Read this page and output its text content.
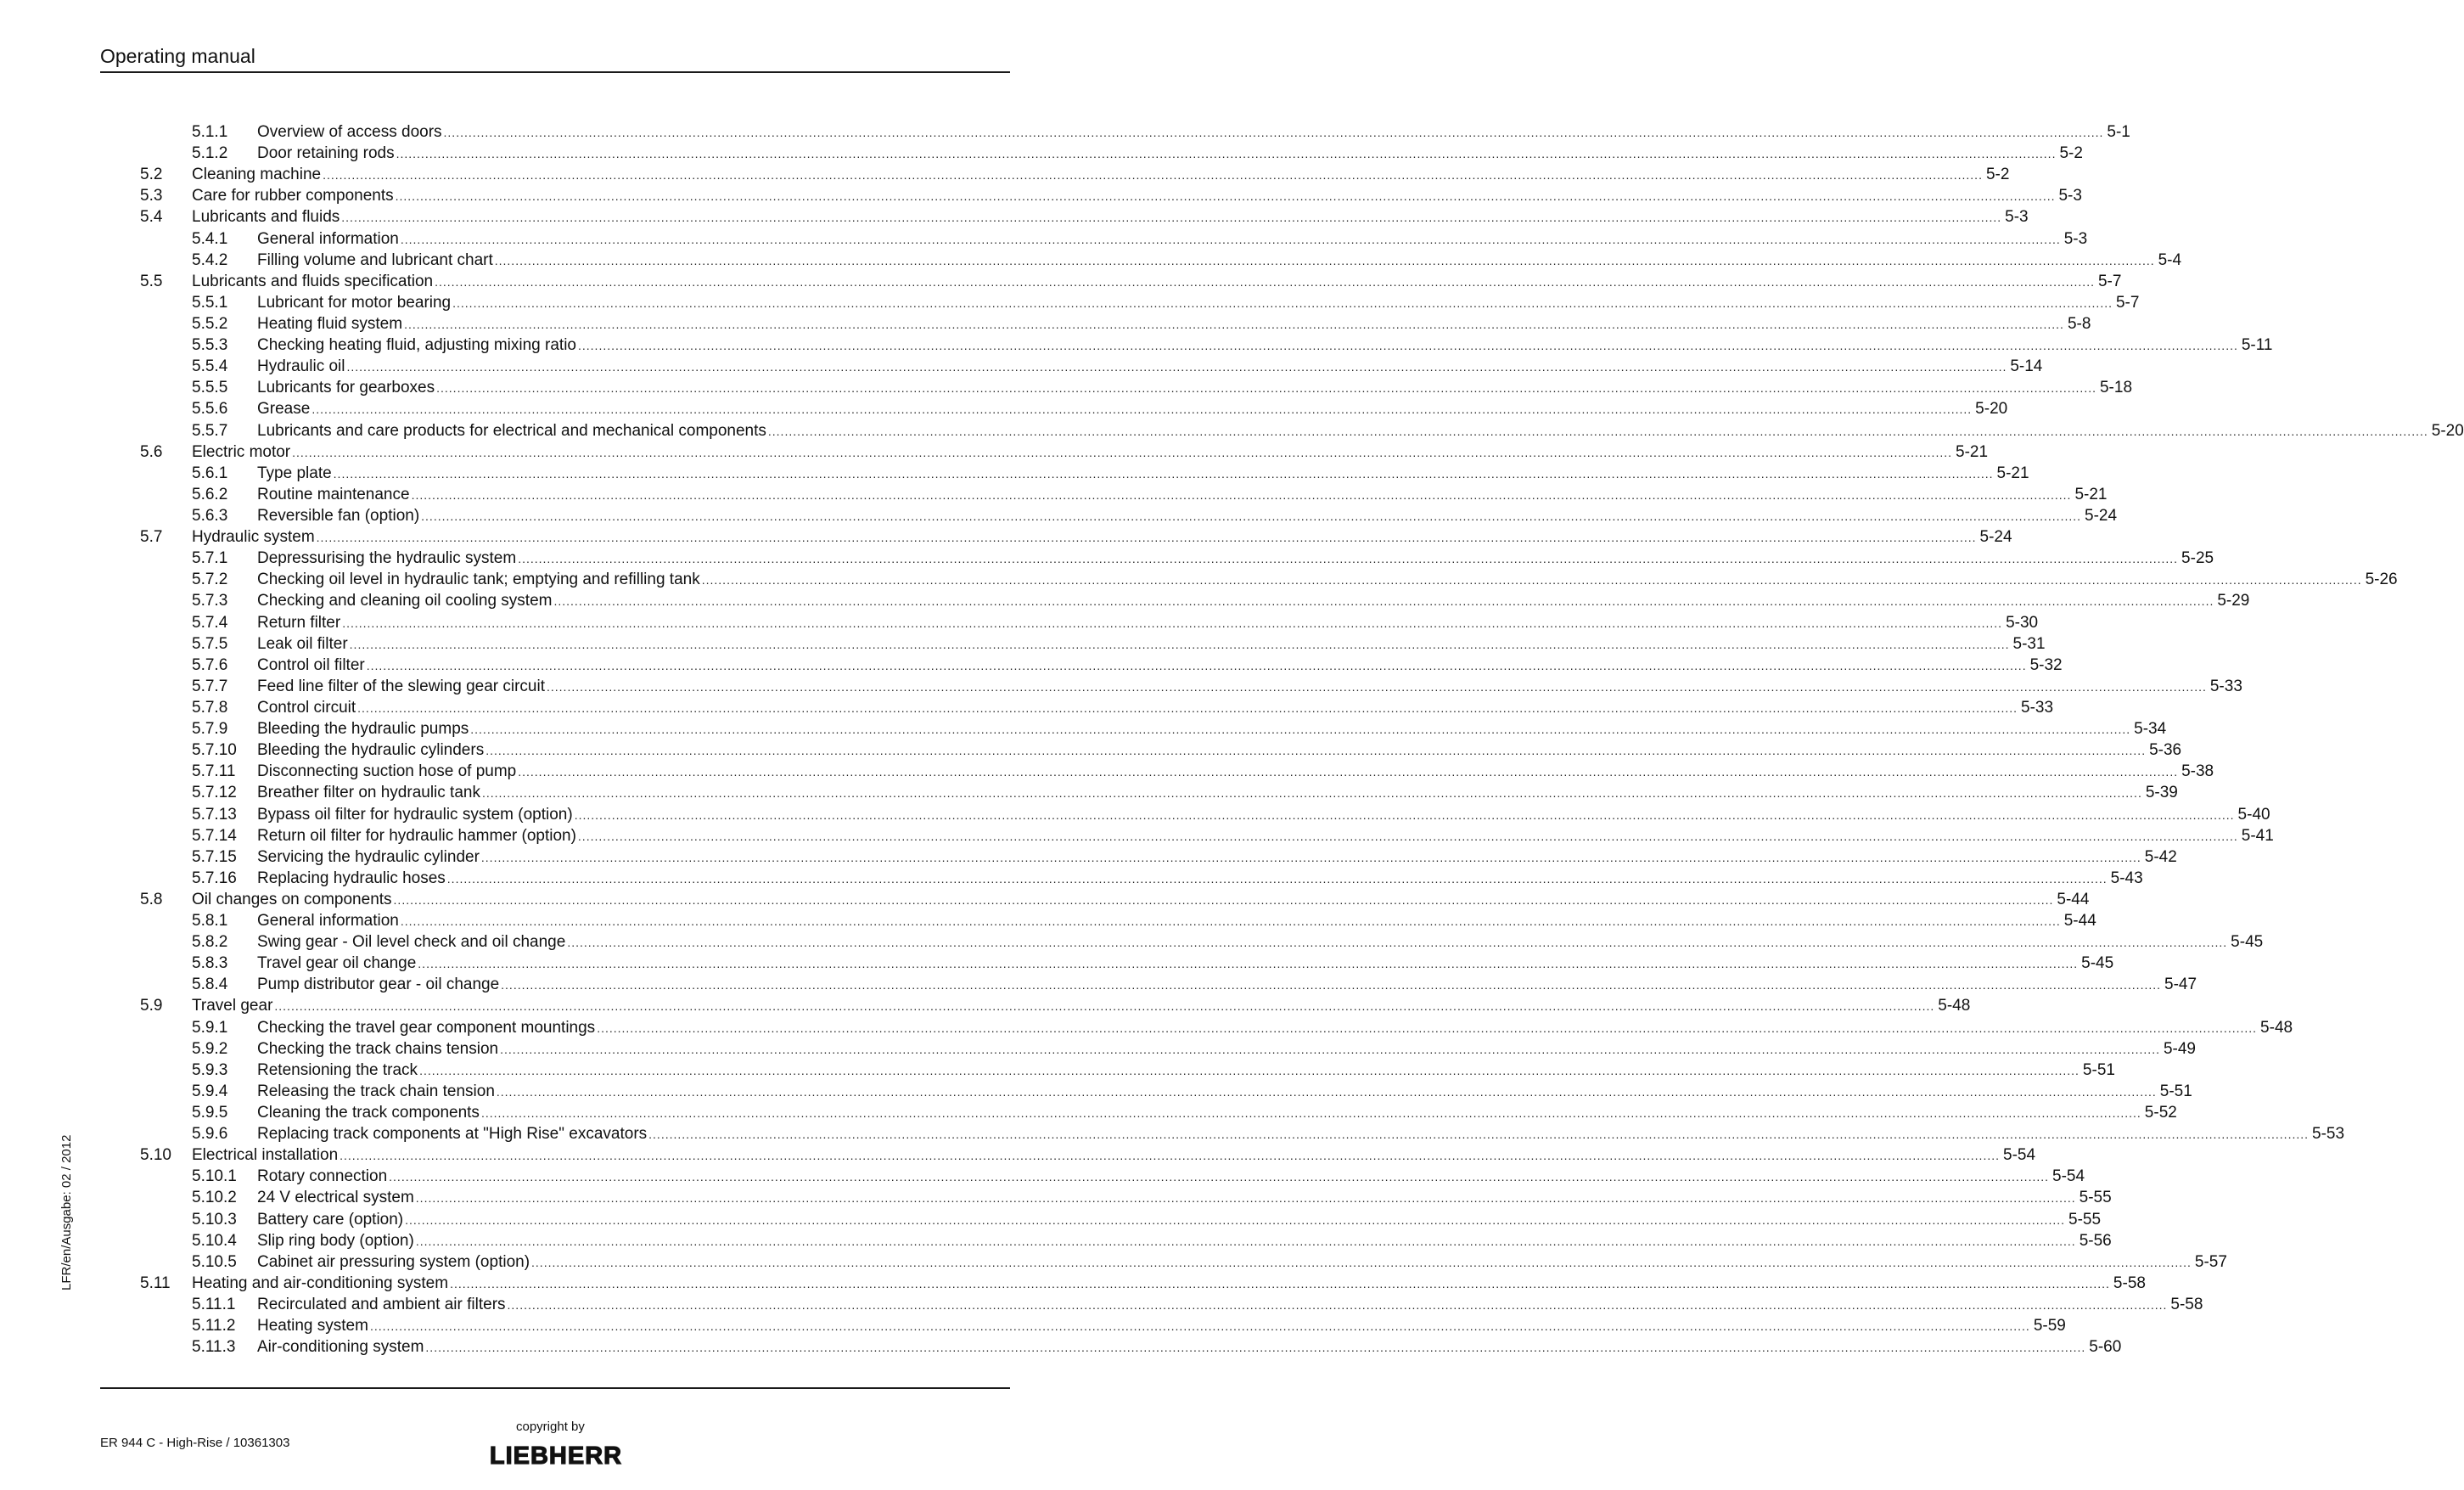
Operating manual
LFR/en/Ausgabe: 02 / 2012
5.1.1	Overview of access doors ................................................................................................................................................................................................................................................................................................................................................................................................................ 5-1
5.1.2	Door retaining rods ................................................................................................................................................................................................................................................................................................................................................................................................................ 5-2
5.2	Cleaning machine ................................................................................................................................................................................................................................................................................................................................................................................................................ 5-2
5.3	Care for rubber components ................................................................................................................................................................................................................................................................................................................................................................................................................ 5-3
5.4	Lubricants and fluids ................................................................................................................................................................................................................................................................................................................................................................................................................ 5-3
5.4.1	General information ................................................................................................................................................................................................................................................................................................................................................................................................................ 5-3
5.4.2	Filling volume and lubricant chart ................................................................................................................................................................................................................................................................................................................................................................................................................ 5-4
5.5	Lubricants and fluids specification ................................................................................................................................................................................................................................................................................................................................................................................................................ 5-7
5.5.1	Lubricant for motor bearing ................................................................................................................................................................................................................................................................................................................................................................................................................ 5-7
5.5.2	Heating fluid system ................................................................................................................................................................................................................................................................................................................................................................................................................ 5-8
5.5.3	Checking heating fluid, adjusting mixing ratio ................................................................................................................................................................................................................................................................................................................................................................................................................ 5-11
5.5.4	Hydraulic oil ................................................................................................................................................................................................................................................................................................................................................................................................................ 5-14
5.5.5	Lubricants for gearboxes ................................................................................................................................................................................................................................................................................................................................................................................................................ 5-18
5.5.6	Grease ................................................................................................................................................................................................................................................................................................................................................................................................................ 5-20
5.5.7	Lubricants and care products for electrical and mechanical components ................................................................................................................................................................................................................................................................................................................................................................................................................ 5-20
5.6	Electric motor ................................................................................................................................................................................................................................................................................................................................................................................................................ 5-21
5.6.1	Type plate ................................................................................................................................................................................................................................................................................................................................................................................................................ 5-21
5.6.2	Routine maintenance ................................................................................................................................................................................................................................................................................................................................................................................................................ 5-21
5.6.3	Reversible fan (option) ................................................................................................................................................................................................................................................................................................................................................................................................................ 5-24
5.7	Hydraulic system ................................................................................................................................................................................................................................................................................................................................................................................................................ 5-24
5.7.1	Depressurising the hydraulic system ................................................................................................................................................................................................................................................................................................................................................................................................................ 5-25
5.7.2	Checking oil level in hydraulic tank; emptying and refilling tank ................................................................................................................................................................................................................................................................................................................................................................................................................ 5-26
5.7.3	Checking and cleaning oil cooling system ................................................................................................................................................................................................................................................................................................................................................................................................................ 5-29
5.7.4	Return filter ................................................................................................................................................................................................................................................................................................................................................................................................................ 5-30
5.7.5	Leak oil filter ................................................................................................................................................................................................................................................................................................................................................................................................................ 5-31
5.7.6	Control oil filter ................................................................................................................................................................................................................................................................................................................................................................................................................ 5-32
5.7.7	Feed line filter of the slewing gear circuit ................................................................................................................................................................................................................................................................................................................................................................................................................ 5-33
5.7.8	Control circuit ................................................................................................................................................................................................................................................................................................................................................................................................................ 5-33
5.7.9	Bleeding the hydraulic pumps ................................................................................................................................................................................................................................................................................................................................................................................................................ 5-34
5.7.10	Bleeding the hydraulic cylinders ................................................................................................................................................................................................................................................................................................................................................................................................................ 5-36
5.7.11	Disconnecting suction hose of pump ................................................................................................................................................................................................................................................................................................................................................................................................................ 5-38
5.7.12	Breather filter on hydraulic tank ................................................................................................................................................................................................................................................................................................................................................................................................................ 5-39
5.7.13	Bypass oil filter for hydraulic system (option) ................................................................................................................................................................................................................................................................................................................................................................................................................ 5-40
5.7.14	Return oil filter for hydraulic hammer (option) ................................................................................................................................................................................................................................................................................................................................................................................................................ 5-41
5.7.15	Servicing the hydraulic cylinder ................................................................................................................................................................................................................................................................................................................................................................................................................ 5-42
5.7.16	Replacing hydraulic hoses ................................................................................................................................................................................................................................................................................................................................................................................................................ 5-43
5.8	Oil changes on components ................................................................................................................................................................................................................................................................................................................................................................................................................ 5-44
5.8.1	General information ................................................................................................................................................................................................................................................................................................................................................................................................................ 5-44
5.8.2	Swing gear - Oil level check and oil change ................................................................................................................................................................................................................................................................................................................................................................................................................ 5-45
5.8.3	Travel gear oil change ................................................................................................................................................................................................................................................................................................................................................................................................................ 5-45
5.8.4	Pump distributor gear - oil change ................................................................................................................................................................................................................................................................................................................................................................................................................ 5-47
5.9	Travel gear ................................................................................................................................................................................................................................................................................................................................................................................................................ 5-48
5.9.1	Checking the travel gear component mountings ................................................................................................................................................................................................................................................................................................................................................................................................................ 5-48
5.9.2	Checking the track chains tension ................................................................................................................................................................................................................................................................................................................................................................................................................ 5-49
5.9.3	Retensioning the track ................................................................................................................................................................................................................................................................................................................................................................................................................ 5-51
5.9.4	Releasing the track chain tension ................................................................................................................................................................................................................................................................................................................................................................................................................ 5-51
5.9.5	Cleaning the track components ................................................................................................................................................................................................................................................................................................................................................................................................................ 5-52
5.9.6	Replacing track components at "High Rise" excavators ................................................................................................................................................................................................................................................................................................................................................................................................................ 5-53
5.10	Electrical installation ................................................................................................................................................................................................................................................................................................................................................................................................................ 5-54
5.10.1	Rotary connection ................................................................................................................................................................................................................................................................................................................................................................................................................ 5-54
5.10.2	24 V electrical system ................................................................................................................................................................................................................................................................................................................................................................................................................ 5-55
5.10.3	Battery care (option) ................................................................................................................................................................................................................................................................................................................................................................................................................ 5-55
5.10.4	Slip ring body (option) ................................................................................................................................................................................................................................................................................................................................................................................................................ 5-56
5.10.5	Cabinet air pressuring system (option) ................................................................................................................................................................................................................................................................................................................................................................................................................ 5-57
5.11	Heating and air-conditioning system ................................................................................................................................................................................................................................................................................................................................................................................................................ 5-58
5.11.1	Recirculated and ambient air filters ................................................................................................................................................................................................................................................................................................................................................................................................................ 5-58
5.11.2	Heating system ................................................................................................................................................................................................................................................................................................................................................................................................................ 5-59
5.11.3	Air-conditioning system ................................................................................................................................................................................................................................................................................................................................................................................................................ 5-60
ER 944 C - High-Rise / 10361303
copyright by
LIEBHERR
